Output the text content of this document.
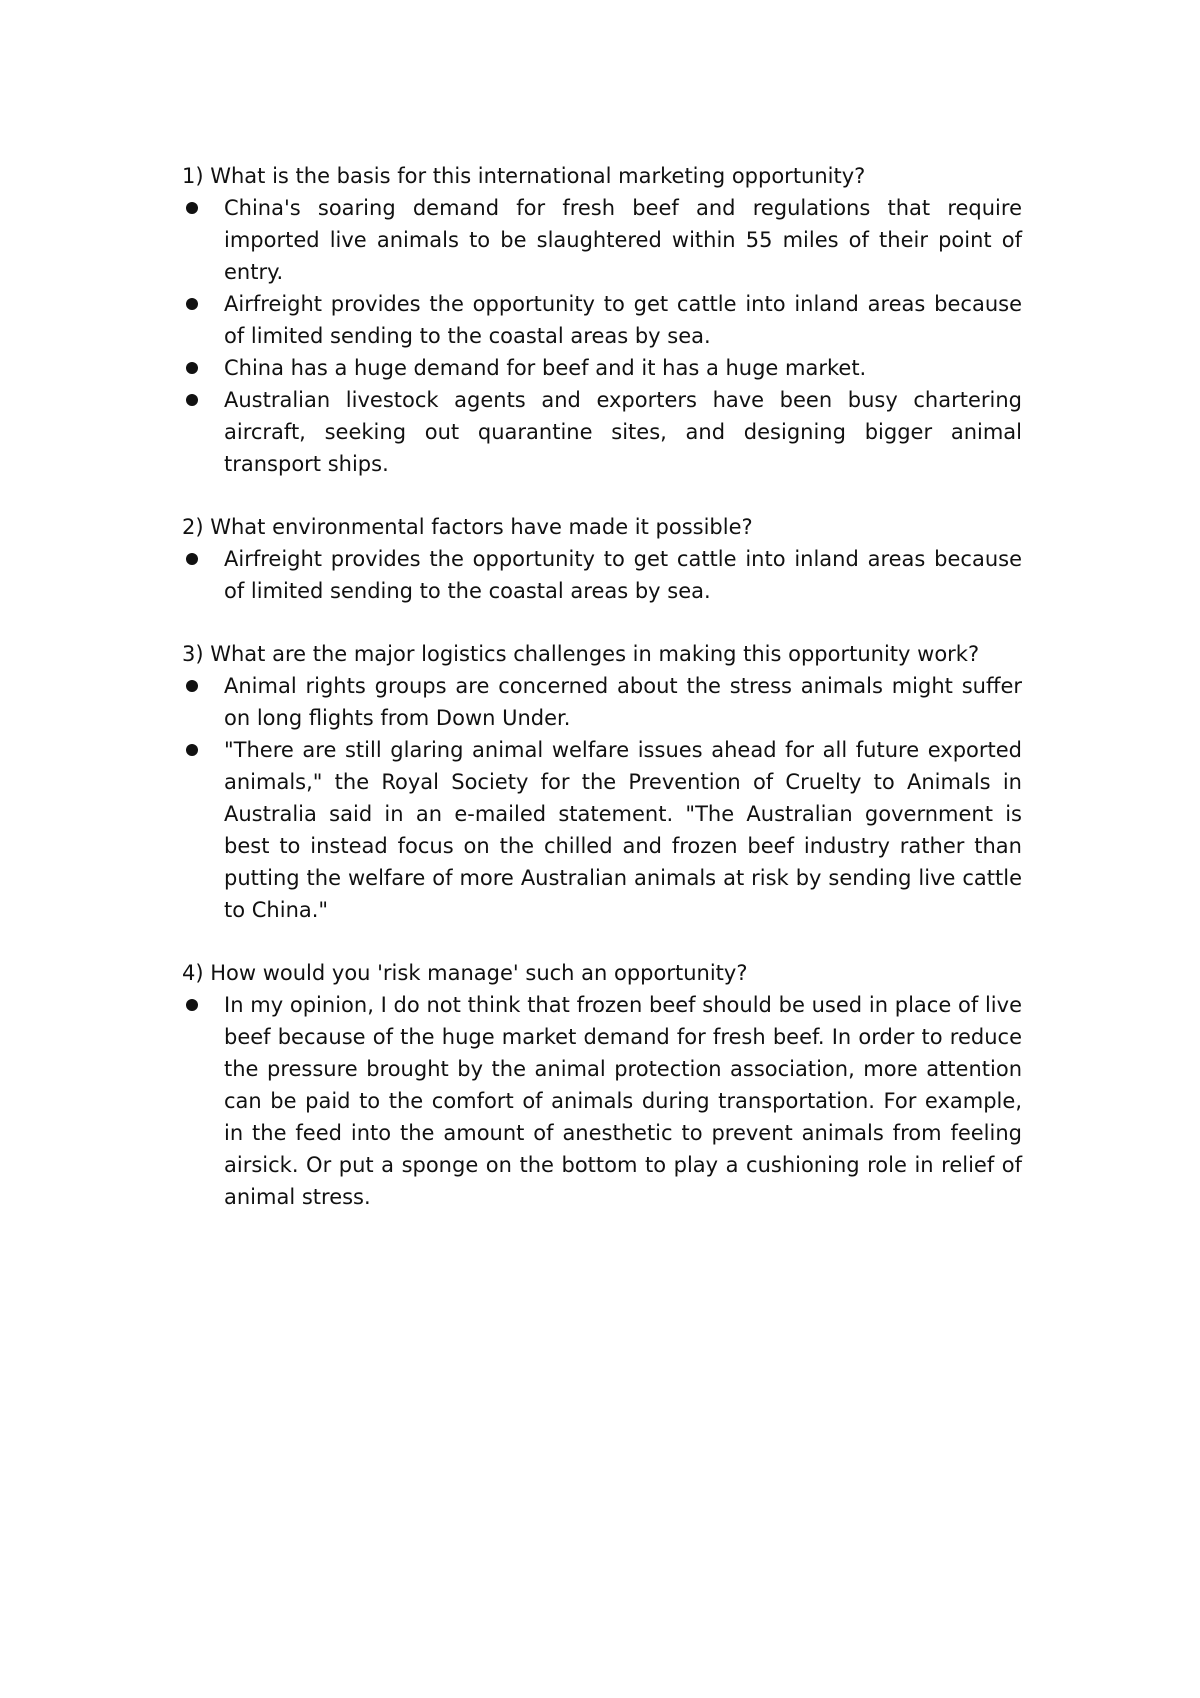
1) What is the basis for this international marketing opportunity?

China's soaring demand for fresh beef and regulations that require imported live animals to be slaughtered within 55 miles of their point of entry.
Airfreight provides the opportunity to get cattle into inland areas because of limited sending to the coastal areas by sea.
China has a huge demand for beef and it has a huge market.
Australian livestock agents and exporters have been busy chartering aircraft, seeking out quarantine sites, and designing bigger animal transport ships.

2) What environmental factors have made it possible?

Airfreight provides the opportunity to get cattle into inland areas because of limited sending to the coastal areas by sea.

3) What are the major logistics challenges in making this opportunity work?

Animal rights groups are concerned about the stress animals might suffer on long flights from Down Under.
"There are still glaring animal welfare issues ahead for all future exported animals," the Royal Society for the Prevention of Cruelty to Animals in Australia said in an e-mailed statement. "The Australian government is best to instead focus on the chilled and frozen beef industry rather than putting the welfare of more Australian animals at risk by sending live cattle to China."

4) How would you 'risk manage' such an opportunity?

In my opinion, I do not think that frozen beef should be used in place of live beef because of the huge market demand for fresh beef. In order to reduce the pressure brought by the animal protection association, more attention can be paid to the comfort of animals during transportation. For example, in the feed into the amount of anesthetic to prevent animals from feeling airsick. Or put a sponge on the bottom to play a cushioning role in relief of animal stress.
